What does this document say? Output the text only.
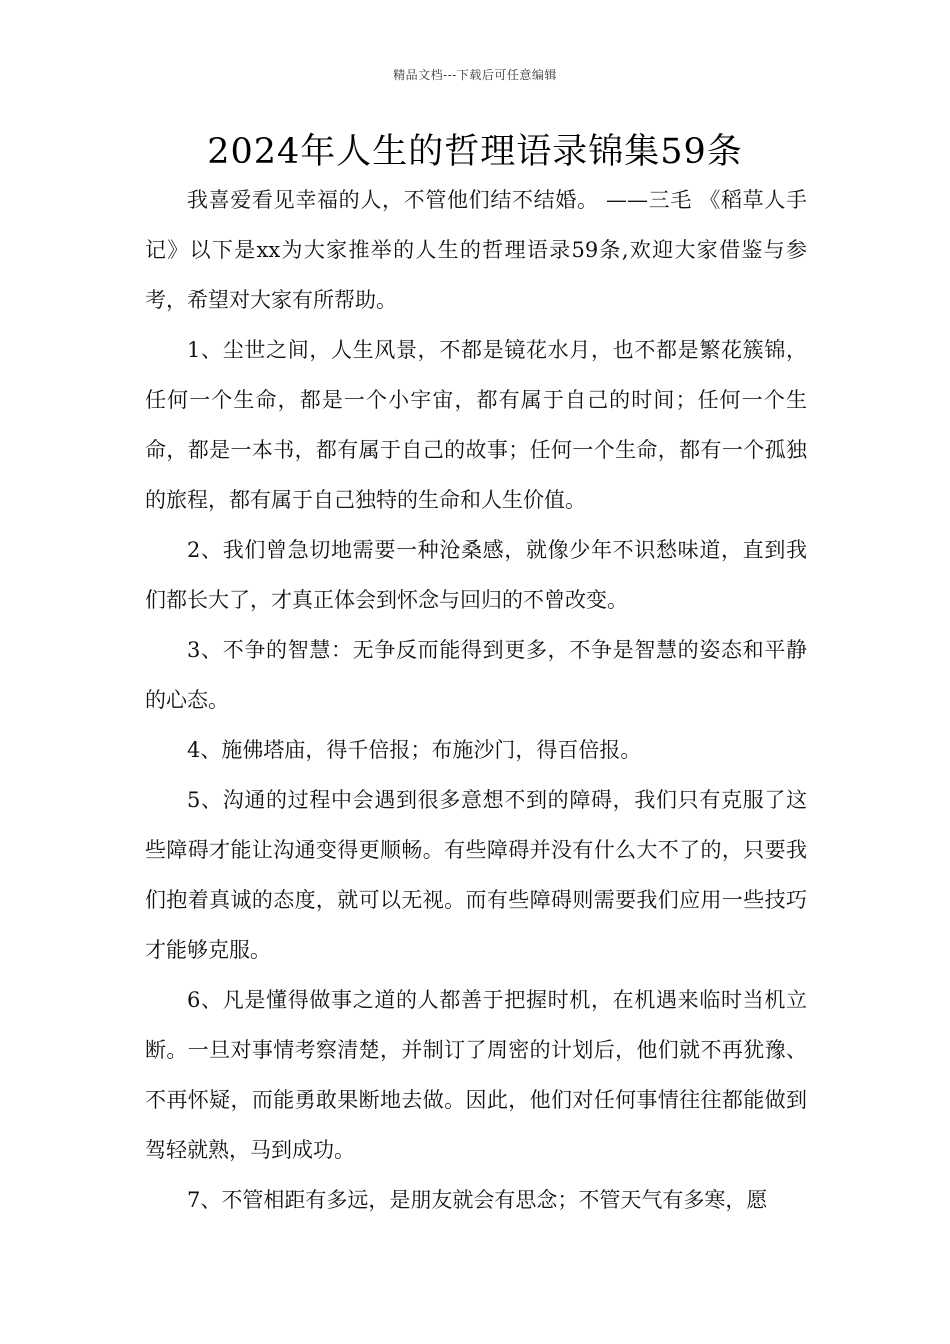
精品文档---下载后可任意编辑
2024年人生的哲理语录锦集59条

我喜爱看见幸福的人，不管他们结不结婚。 ——三毛 《稻草人手记》以下是xx为大家推举的人生的哲理语录59条,欢迎大家借鉴与参考，希望对大家有所帮助。

1、尘世之间，人生风景，不都是镜花水月，也不都是繁花簇锦，任何一个生命，都是一个小宇宙，都有属于自己的时间；任何一个生命，都是一本书，都有属于自己的故事；任何一个生命，都有一个孤独的旅程，都有属于自己独特的生命和人生价值。

2、我们曾急切地需要一种沧桑感，就像少年不识愁味道，直到我们都长大了，才真正体会到怀念与回归的不曾改变。

3、不争的智慧：无争反而能得到更多，不争是智慧的姿态和平静的心态。

4、施佛塔庙，得千倍报；布施沙门，得百倍报。

5、沟通的过程中会遇到很多意想不到的障碍，我们只有克服了这些障碍才能让沟通变得更顺畅。有些障碍并没有什么大不了的，只要我们抱着真诚的态度，就可以无视。而有些障碍则需要我们应用一些技巧才能够克服。

6、凡是懂得做事之道的人都善于把握时机，在机遇来临时当机立断。一旦对事情考察清楚，并制订了周密的计划后，他们就不再犹豫、不再怀疑，而能勇敢果断地去做。因此，他们对任何事情往往都能做到驾轻就熟，马到成功。

7、不管相距有多远，是朋友就会有思念；不管天气有多寒，愿
